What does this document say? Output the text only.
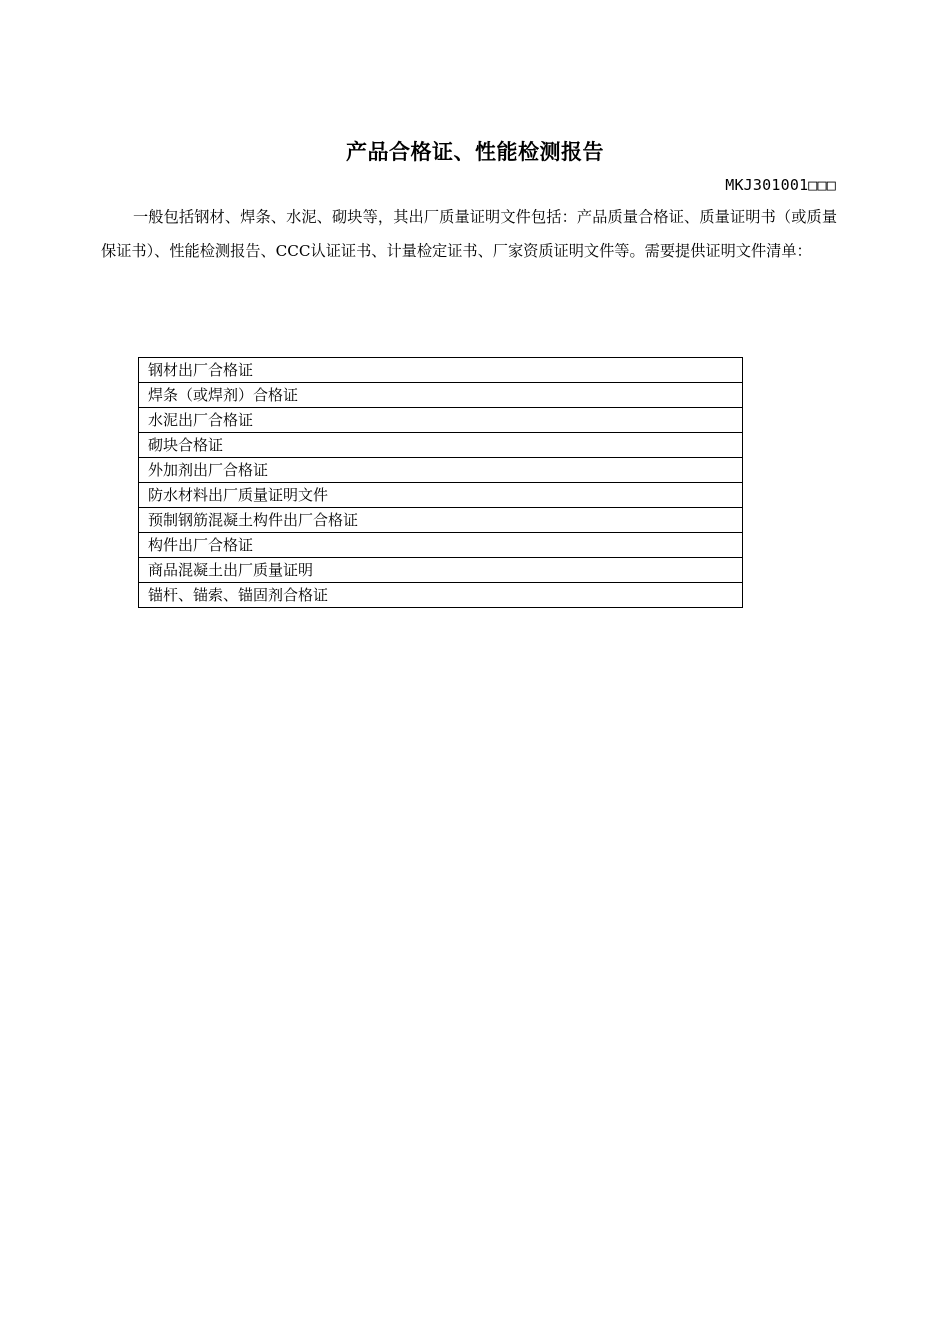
产品合格证、性能检测报告
MKJ301001□□□

一般包括钢材、焊条、水泥、砌块等，其出厂质量证明文件包括：产品质量合格证、质量证明书（或质量保证书）、性能检测报告、CCC认证证书、计量检定证书、厂家资质证明文件等。需要提供证明文件清单：

钢材出厂合格证
焊条（或焊剂）合格证
水泥出厂合格证
砌块合格证
外加剂出厂合格证
防水材料出厂质量证明文件
预制钢筋混凝土构件出厂合格证
构件出厂合格证
商品混凝土出厂质量证明
锚杆、锚索、锚固剂合格证
